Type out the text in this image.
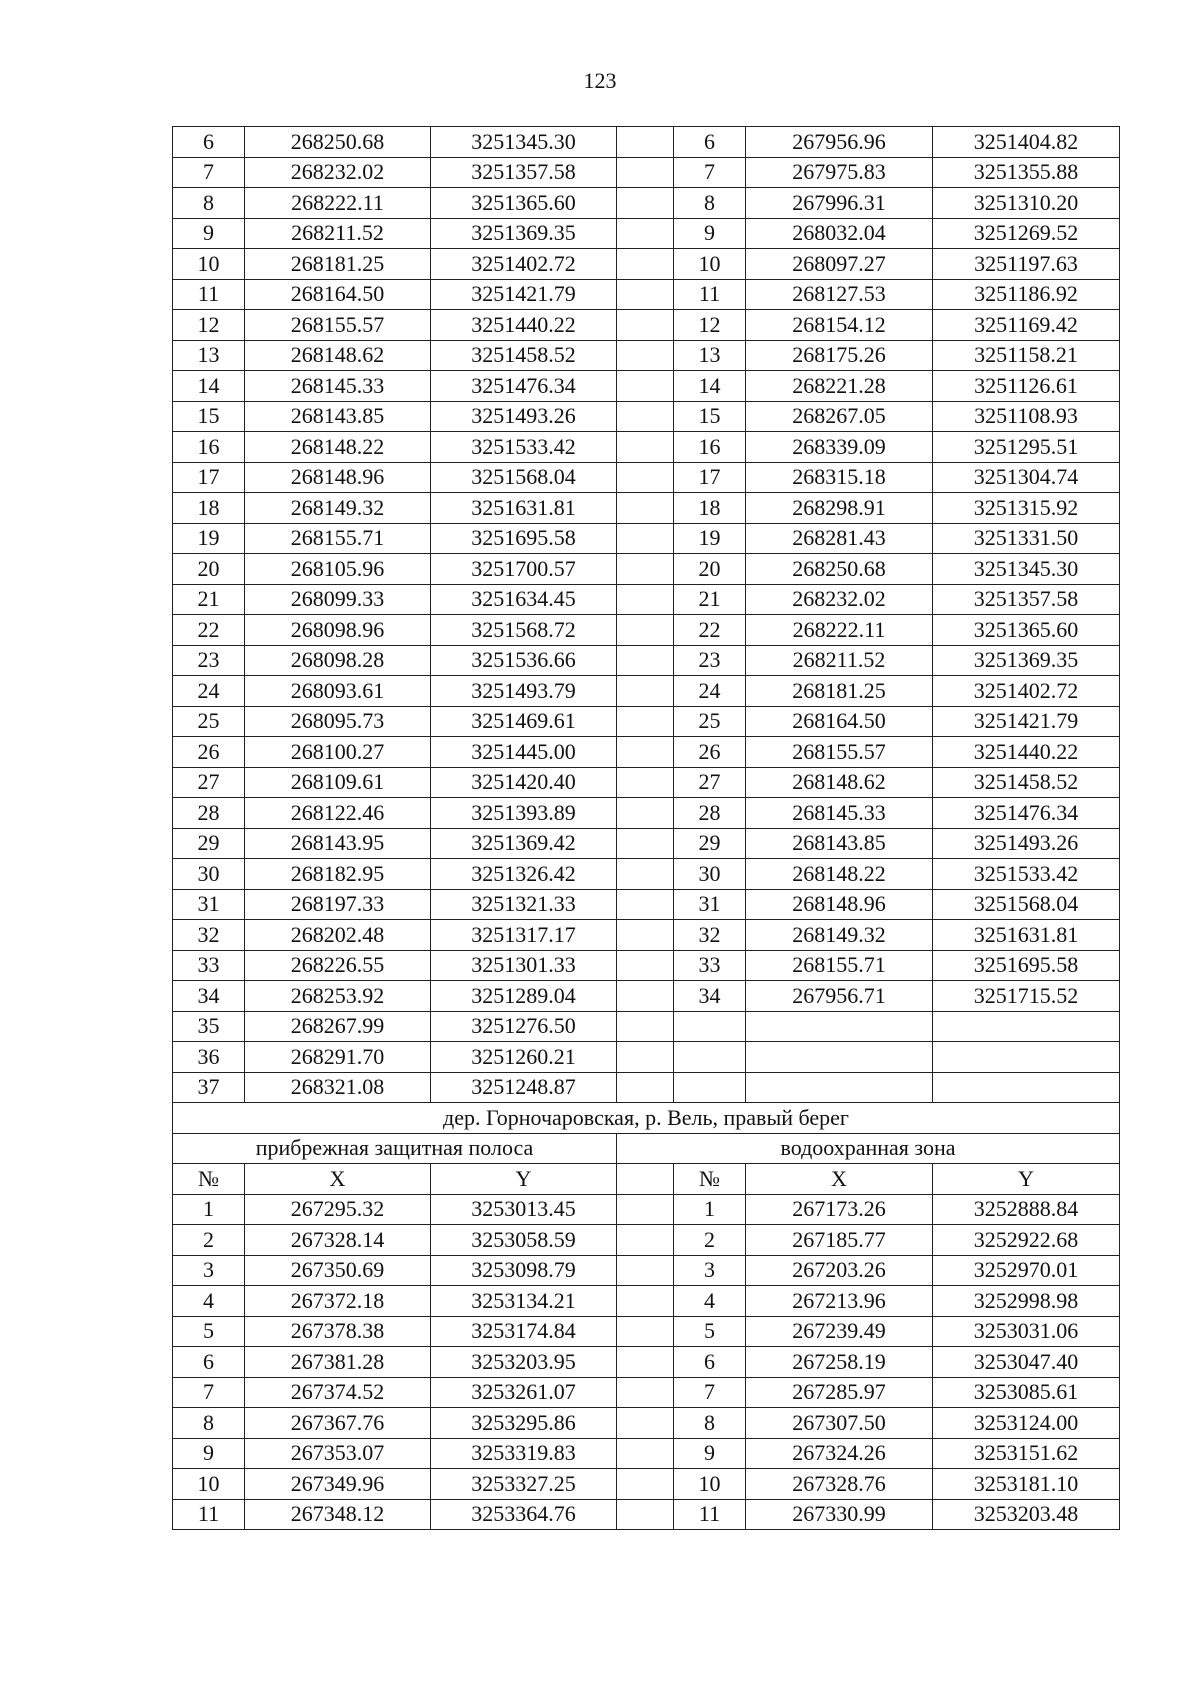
123
6	268250.68	3251345.30		6	267956.96	3251404.82
7	268232.02	3251357.58		7	267975.83	3251355.88
8	268222.11	3251365.60		8	267996.31	3251310.20
9	268211.52	3251369.35		9	268032.04	3251269.52
10	268181.25	3251402.72		10	268097.27	3251197.63
11	268164.50	3251421.79		11	268127.53	3251186.92
12	268155.57	3251440.22		12	268154.12	3251169.42
13	268148.62	3251458.52		13	268175.26	3251158.21
14	268145.33	3251476.34		14	268221.28	3251126.61
15	268143.85	3251493.26		15	268267.05	3251108.93
16	268148.22	3251533.42		16	268339.09	3251295.51
17	268148.96	3251568.04		17	268315.18	3251304.74
18	268149.32	3251631.81		18	268298.91	3251315.92
19	268155.71	3251695.58		19	268281.43	3251331.50
20	268105.96	3251700.57		20	268250.68	3251345.30
21	268099.33	3251634.45		21	268232.02	3251357.58
22	268098.96	3251568.72		22	268222.11	3251365.60
23	268098.28	3251536.66		23	268211.52	3251369.35
24	268093.61	3251493.79		24	268181.25	3251402.72
25	268095.73	3251469.61		25	268164.50	3251421.79
26	268100.27	3251445.00		26	268155.57	3251440.22
27	268109.61	3251420.40		27	268148.62	3251458.52
28	268122.46	3251393.89		28	268145.33	3251476.34
29	268143.95	3251369.42		29	268143.85	3251493.26
30	268182.95	3251326.42		30	268148.22	3251533.42
31	268197.33	3251321.33		31	268148.96	3251568.04
32	268202.48	3251317.17		32	268149.32	3251631.81
33	268226.55	3251301.33		33	268155.71	3251695.58
34	268253.92	3251289.04		34	267956.71	3251715.52
35	268267.99	3251276.50				
36	268291.70	3251260.21				
37	268321.08	3251248.87				
дер. Горночаровская, р. Вель, правый берег						
прибрежная защитная полоса			водоохранная зона			
№	X	Y		№	X	Y
1	267295.32	3253013.45		1	267173.26	3252888.84
2	267328.14	3253058.59		2	267185.77	3252922.68
3	267350.69	3253098.79		3	267203.26	3252970.01
4	267372.18	3253134.21		4	267213.96	3252998.98
5	267378.38	3253174.84		5	267239.49	3253031.06
6	267381.28	3253203.95		6	267258.19	3253047.40
7	267374.52	3253261.07		7	267285.97	3253085.61
8	267367.76	3253295.86		8	267307.50	3253124.00
9	267353.07	3253319.83		9	267324.26	3253151.62
10	267349.96	3253327.25		10	267328.76	3253181.10
11	267348.12	3253364.76		11	267330.99	3253203.48
